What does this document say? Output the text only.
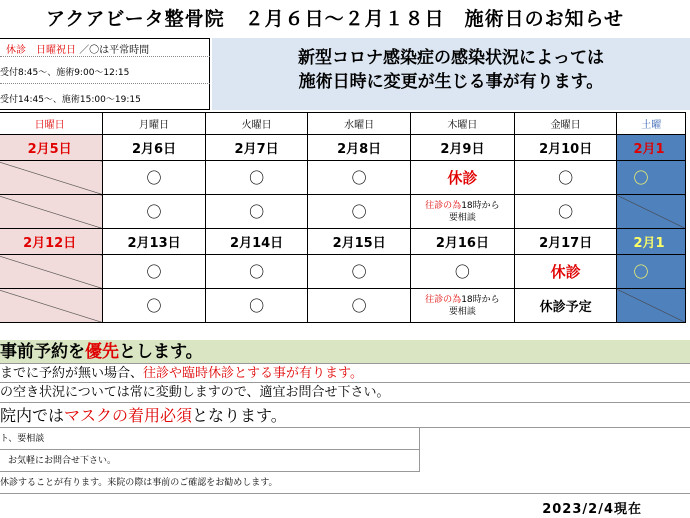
アクアビータ整骨院　２月６日～２月１８日　施術日のお知らせ
休診　日曜祝日 ／〇は平常時間
受付8:45～、施術9:00～12:15
受付14:45～、施術15:00～19:15
新型コロナ感染症の感染状況によっては
施術日時に変更が生じる事が有ります。
日曜日	月曜日	火曜日	水曜日	木曜日	金曜日	土曜
2月5日	2月6日	2月7日	2月8日	2月9日	2月10日	2月1
	〇	〇	〇	休診	〇	〇
	〇	〇	〇	往診の為18時から
要相談	〇	
2月12日	2月13日	2月14日	2月15日	2月16日	2月17日	2月1
	〇	〇	〇	〇	休診	〇
	〇	〇	〇	往診の為18時から
要相談	休診予定	
事前予約を優先とします。
までに予約が無い場合、往診や臨時休診とする事が有ります。
の空き状況については常に変動しますので、適宜お問合せ下さい。
院内ではマスクの着用必須となります。
ト、要相談
お気軽にお問合せ下さい。
休診することが有ります。来院の際は事前のご確認をお勧めします。
2023/2/4現在
